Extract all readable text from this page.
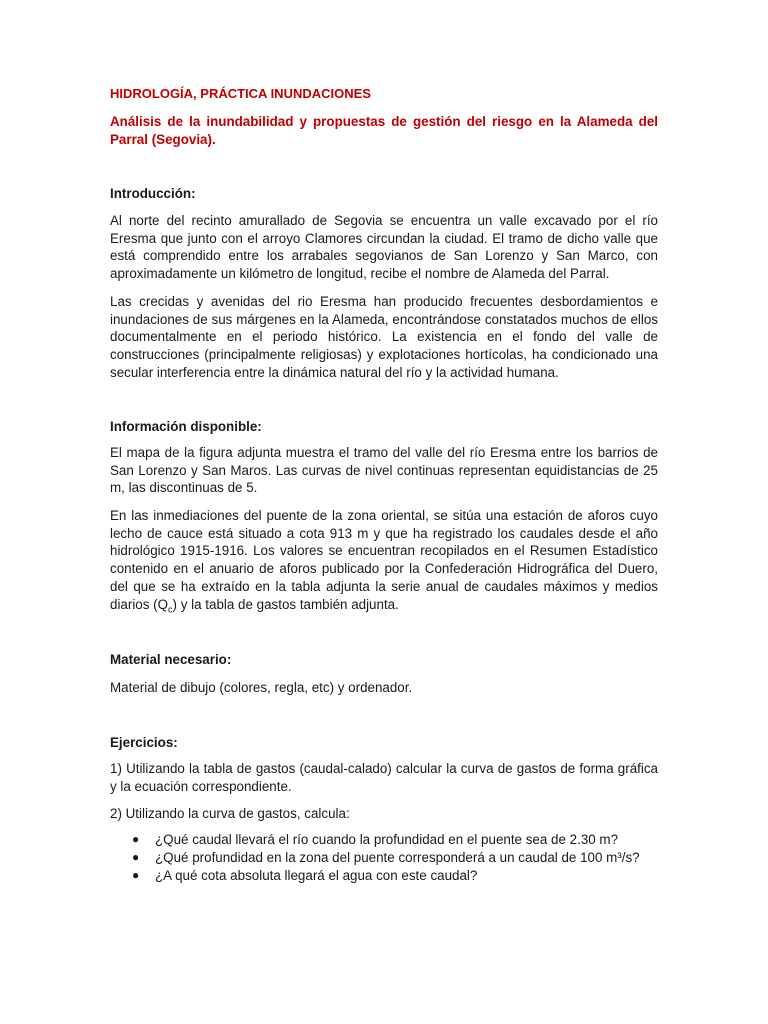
HIDROLOGÍA, PRÁCTICA INUNDACIONES
Análisis de la inundabilidad y propuestas de gestión del riesgo en la Alameda del Parral (Segovia).
Introducción:

Al norte del recinto amurallado de Segovia se encuentra un valle excavado por el río Eresma que junto con el arroyo Clamores circundan la ciudad. El tramo de dicho valle que está comprendido entre los arrabales segovianos de San Lorenzo y San Marco, con aproximadamente un kilómetro de longitud, recibe el nombre de Alameda del Parral.

Las crecidas y avenidas del rio Eresma han producido frecuentes desbordamientos e inundaciones de sus márgenes en la Alameda, encontrándose constatados muchos de ellos documentalmente en el periodo histórico. La existencia en el fondo del valle de construcciones (principalmente religiosas) y explotaciones hortícolas, ha condicionado una secular interferencia entre la dinámica natural del río y la actividad humana.

Información disponible:

El mapa de la figura adjunta muestra el tramo del valle del río Eresma entre los barrios de San Lorenzo y San Maros. Las curvas de nivel continuas representan equidistancias de 25 m, las discontinuas de 5.

En las inmediaciones del puente de la zona oriental, se sitúa una estación de aforos cuyo lecho de cauce está situado a cota 913 m y que ha registrado los caudales desde el año hidrológico 1915-1916. Los valores se encuentran recopilados en el Resumen Estadístico contenido en el anuario de aforos publicado por la Confederación Hidrográfica del Duero, del que se ha extraído en la tabla adjunta la serie anual de caudales máximos y medios diarios $(Q_c)$ y la tabla de gastos también adjunta.

Material necesario:

Material de dibujo (colores, regla, etc) y ordenador.

Ejercicios:

1) Utilizando la tabla de gastos (caudal-calado) calcular la curva de gastos de forma gráfica y la ecuación correspondiente.

2) Utilizando la curva de gastos, calcula:

● ¿Qué caudal llevará el río cuando la profundidad en el puente sea de 2.30 m?
● ¿Qué profundidad en la zona del puente corresponderá a un caudal de 100 m³/s?
● ¿A qué cota absoluta llegará el agua con este caudal?
